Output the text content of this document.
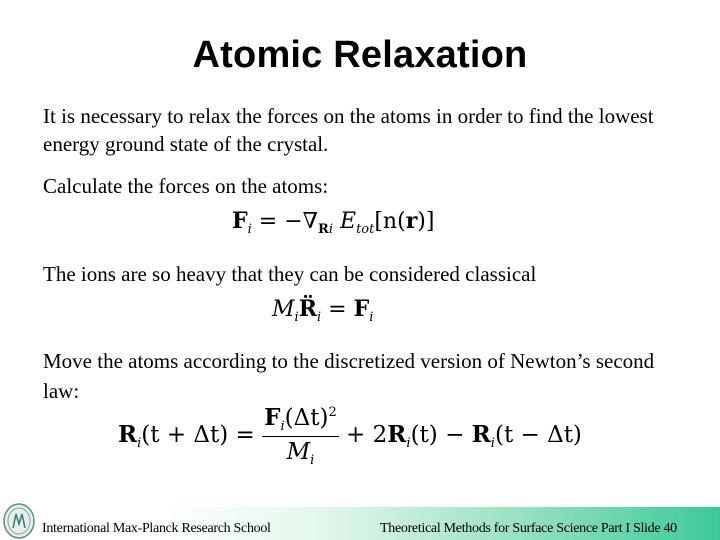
Atomic Relaxation
It is necessary to relax the forces on the atoms in order to find the lowest energy ground state of the crystal.
Calculate the forces on the atoms:
$F_i = -\nabla_{Ri}$ $E_{tot}[n(r)]$
The ions are so heavy that they can be considered classical
$M_iR̈_i = F_i$
Move the atoms according to the discretized version of Newton’s second law:
$R_i(t + \Delta t) = \frac{F_i(\Delta t)^2}{M_i} + 2R_i(t) - R_i(t - \Delta t)$
International Max-Planck Research School	Theoretical Methods for Surface Science Part I Slide 40
